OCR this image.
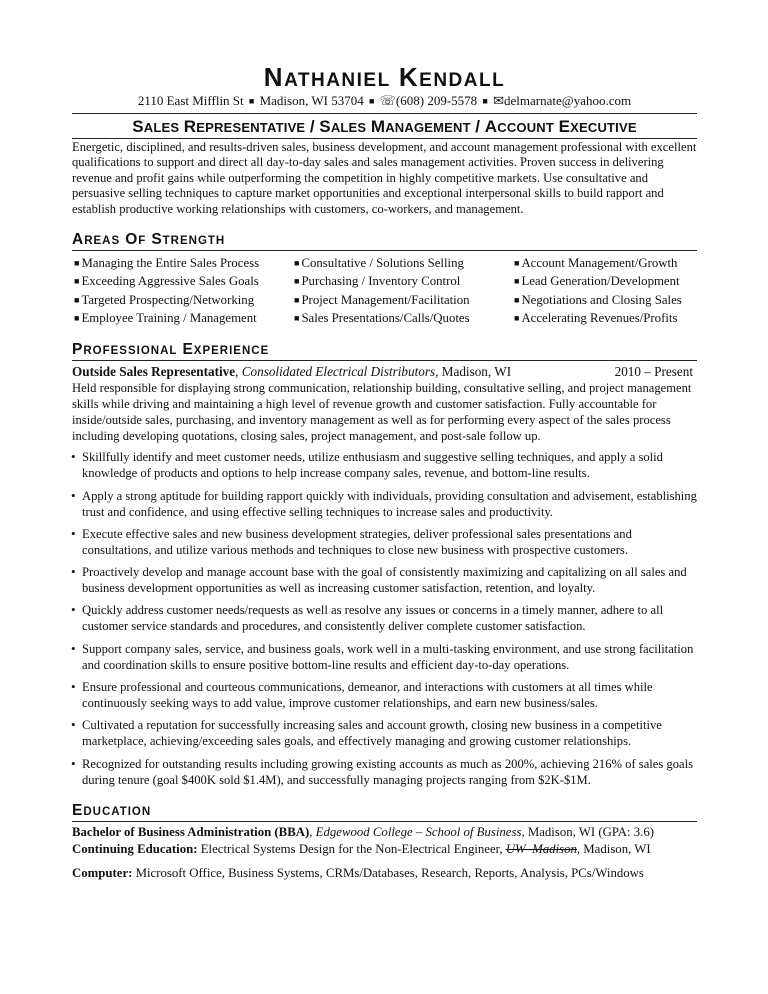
NATHANIEL KENDALL
2110 East Mifflin St ■ Madison, WI 53704 ■ ☏(608) 209-5578 ■ ✉delmarnate@yahoo.com
SALES REPRESENTATIVE / SALES MANAGEMENT / ACCOUNT EXECUTIVE
Energetic, disciplined, and results-driven sales, business development, and account management professional with excellent qualifications to support and direct all day-to-day sales and sales management activities. Proven success in delivering revenue and profit gains while outperforming the competition in highly competitive markets. Use consultative and persuasive selling techniques to capture market opportunities and exceptional interpersonal skills to build rapport and establish productive working relationships with customers, co-workers, and management.
AREAS OF STRENGTH
■ Managing the Entire Sales Process	■ Consultative / Solutions Selling	■ Account Management/Growth
■ Exceeding Aggressive Sales Goals	■ Purchasing / Inventory Control	■ Lead Generation/Development
■ Targeted Prospecting/Networking	■ Project Management/Facilitation	■ Negotiations and Closing Sales
■ Employee Training / Management	■ Sales Presentations/Calls/Quotes	■ Accelerating Revenues/Profits
PROFESSIONAL EXPERIENCE
Outside Sales Representative, Consolidated Electrical Distributors, Madison, WI	2010 – Present
Held responsible for displaying strong communication, relationship building, consultative selling, and project management skills while driving and maintaining a high level of revenue growth and customer satisfaction. Fully accountable for inside/outside sales, purchasing, and inventory management as well as for performing every aspect of the sales process including developing quotations, closing sales, project management, and post-sale follow up.
• Skillfully identify and meet customer needs, utilize enthusiasm and suggestive selling techniques, and apply a solid knowledge of products and options to help increase company sales, revenue, and bottom-line results.
• Apply a strong aptitude for building rapport quickly with individuals, providing consultation and advisement, establishing trust and confidence, and using effective selling techniques to increase sales and productivity.
• Execute effective sales and new business development strategies, deliver professional sales presentations and consultations, and utilize various methods and techniques to close new business with prospective customers.
• Proactively develop and manage account base with the goal of consistently maximizing and capitalizing on all sales and business development opportunities as well as increasing customer satisfaction, retention, and loyalty.
• Quickly address customer needs/requests as well as resolve any issues or concerns in a timely manner, adhere to all customer service standards and procedures, and consistently deliver complete customer satisfaction.
• Support company sales, service, and business goals, work well in a multi-tasking environment, and use strong facilitation and coordination skills to ensure positive bottom-line results and efficient day-to-day operations.
• Ensure professional and courteous communications, demeanor, and interactions with customers at all times while continuously seeking ways to add value, improve customer relationships, and earn new business/sales.
• Cultivated a reputation for successfully increasing sales and account growth, closing new business in a competitive marketplace, achieving/exceeding sales goals, and effectively managing and growing customer relationships.
• Recognized for outstanding results including growing existing accounts as much as 200%, achieving 216% of sales goals during tenure (goal $400K sold $1.4M), and successfully managing projects ranging from $2K-$1M.
EDUCATION

Bachelor of Business Administration (BBA), Edgewood College – School of Business, Madison, WI (GPA: 3.6)

Continuing Education: Electrical Systems Design for the Non-Electrical Engineer, UW–Madison, Madison, WI

Computer: Microsoft Office, Business Systems, CRMs/Databases, Research, Reports, Analysis, PCs/Windows
